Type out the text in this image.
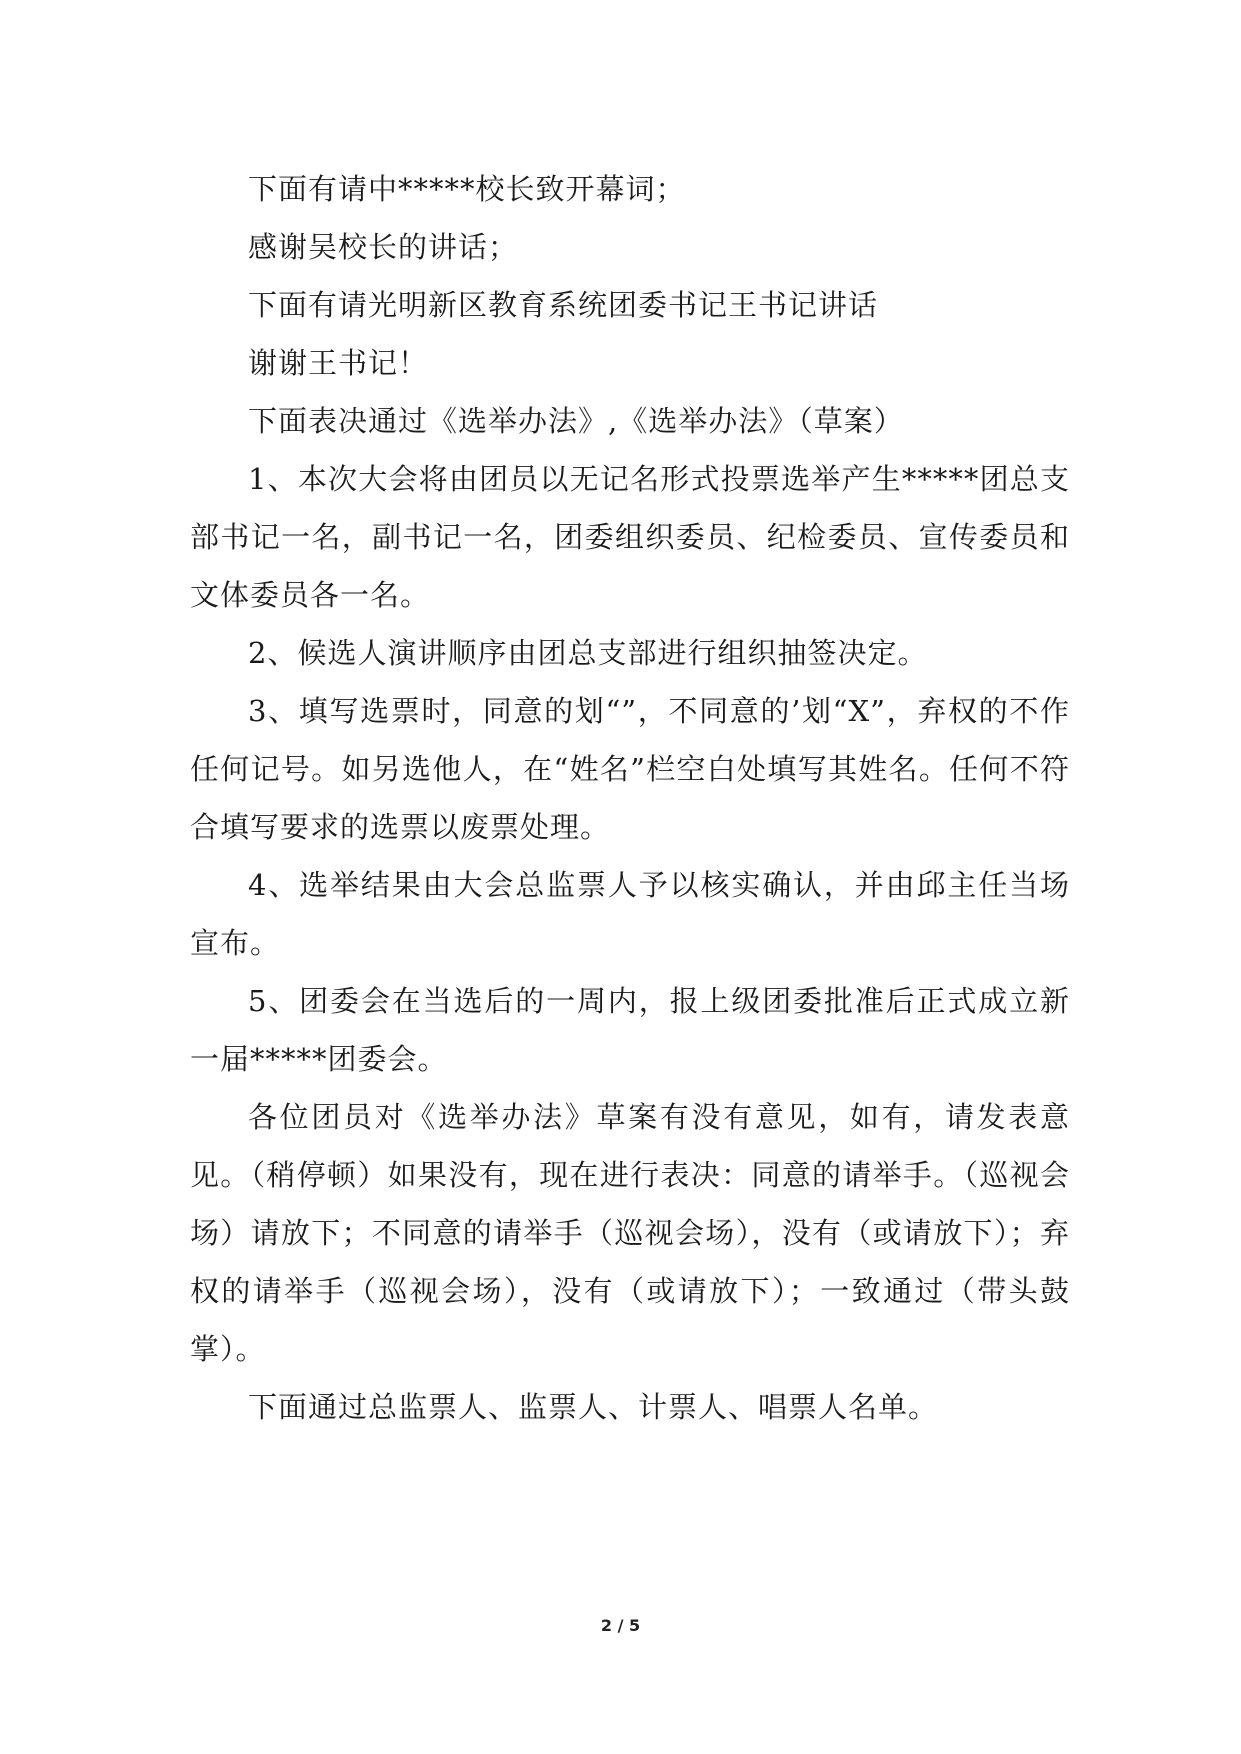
下面有请中*****校长致开幕词；

感谢吴校长的讲话；

下面有请光明新区教育系统团委书记王书记讲话

谢谢王书记！

下面表决通过《选举办法》,《选举办法》（草案）

1、本次大会将由团员以无记名形式投票选举产生*****团总支部书记一名，副书记一名，团委组织委员、纪检委员、宣传委员和文体委员各一名。

2、候选人演讲顺序由团总支部进行组织抽签决定。

3、填写选票时，同意的划“”，不同意的’划“X”，弃权的不作任何记号。如另选他人，在“姓名”栏空白处填写其姓名。任何不符合填写要求的选票以废票处理。

4、选举结果由大会总监票人予以核实确认，并由邱主任当场宣布。

5、团委会在当选后的一周内，报上级团委批准后正式成立新一届*****团委会。

各位团员对《选举办法》草案有没有意见，如有，请发表意见。（稍停顿）如果没有，现在进行表决：同意的请举手。（巡视会场）请放下；不同意的请举手（巡视会场），没有（或请放下）；弃权的请举手（巡视会场），没有（或请放下）；一致通过（带头鼓掌）。

下面通过总监票人、监票人、计票人、唱票人名单。

2 / 5
